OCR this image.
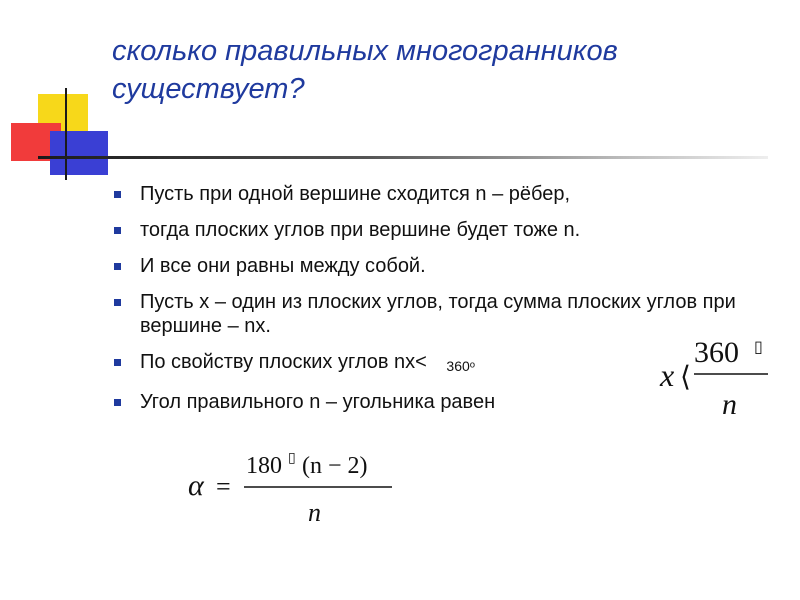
сколько правильных многогранников существует?
Пусть при одной вершине сходится n – рёбер,
тогда плоских углов при вершине будет тоже n.
И все они равны между собой.
Пусть x – один из плоских углов, тогда сумма плоских углов при вершине – nx.
По свойству плоских углов nx< 360ᵒ
Угол правильного n – угольника равен
x ⟨
360 ▯
n
α =
180 ▯ (n − 2)
n
